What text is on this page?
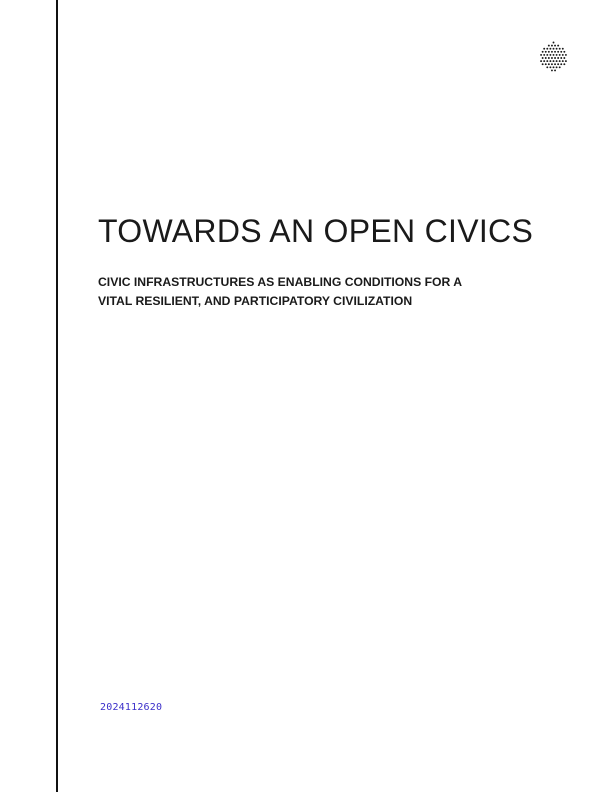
TOWARDS AN OPEN CIVICS
CIVIC INFRASTRUCTURES AS ENABLING CONDITIONS FOR A
VITAL RESILIENT, AND PARTICIPATORY CIVILIZATION
2024112620
